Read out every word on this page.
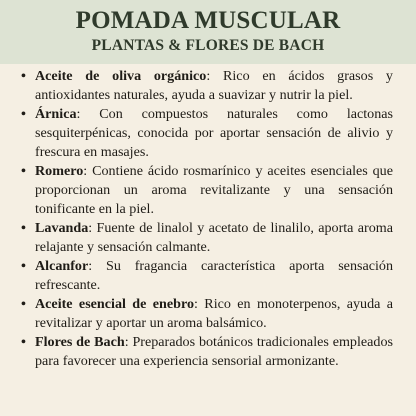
POMADA MUSCULAR
PLANTAS & FLORES DE BACH
• Aceite de oliva orgánico: Rico en ácidos grasos y antioxidantes naturales, ayuda a suavizar y nutrir la piel.
• Árnica: Con compuestos naturales como lactonas sesquiterpénicas, conocida por aportar sensación de alivio y frescura en masajes.
• Romero: Contiene ácido rosmarínico y aceites esenciales que proporcionan un aroma revitalizante y una sensación tonificante en la piel.
• Lavanda: Fuente de linalol y acetato de linalilo, aporta aroma relajante y sensación calmante.
• Alcanfor: Su fragancia característica aporta sensación refrescante.
• Aceite esencial de enebro: Rico en monoterpenos, ayuda a revitalizar y aportar un aroma balsámico.
• Flores de Bach: Preparados botánicos tradicionales empleados para favorecer una experiencia sensorial armonizante.
